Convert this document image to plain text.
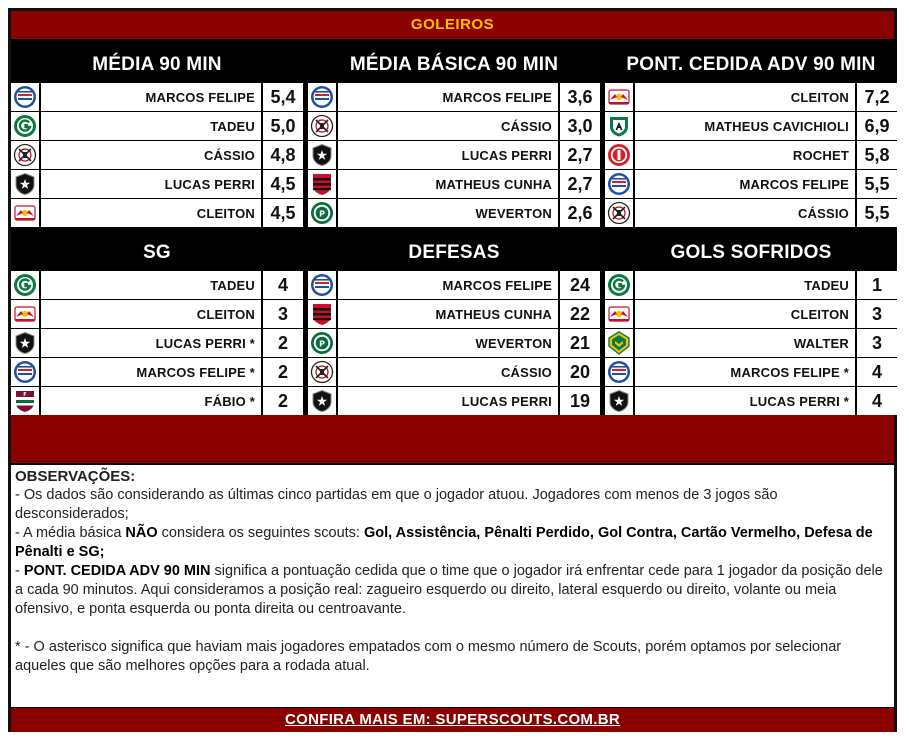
GOLEIROS
MÉDIA 90 MIN
MARCOS FELIPE 5,4
TADEU 5,0
CÁSSIO 4,8
LUCAS PERRI 4,5
CLEITON 4,5
MÉDIA BÁSICA 90 MIN
MARCOS FELIPE 3,6
CÁSSIO 3,0
LUCAS PERRI 2,7
MATHEUS CUNHA 2,7
P	WEVERTON 2,6
PONT. CEDIDA ADV 90 MIN
CLEITON 7,2
MATHEUS CAVICHIOLI 6,9
ROCHET 5,8
MARCOS FELIPE 5,5
CÁSSIO 5,5
SG
TADEU	4
CLEITON	3
LUCAS PERRI *	2
MARCOS FELIPE *	2
F	FÁBIO *	2
DEFESAS
MARCOS FELIPE 24
MATHEUS CUNHA 22
P	WEVERTON 21
CÁSSIO 20
LUCAS PERRI 19
GOLS SOFRIDOS
TADEU	1
CLEITON	3
WALTER	3
MARCOS FELIPE *	4
LUCAS PERRI *	4

OBSERVAÇÕES:

- Os dados são considerando as últimas cinco partidas em que o jogador atuou. Jogadores com menos de 3 jogos são desconsiderados;

- A média básica NÃO considera os seguintes scouts: Gol, Assistência, Pênalti Perdido, Gol Contra, Cartão Vermelho, Defesa de Pênalti e SG;

- PONT. CEDIDA ADV 90 MIN significa a pontuação cedida que o time que o jogador irá enfrentar cede para 1 jogador da posição dele a cada 90 minutos. Aqui consideramos a posição real: zagueiro esquerdo ou direito, lateral esquerdo ou direito, volante ou meia ofensivo, e ponta esquerda ou ponta direita ou centroavante.

* - O asterisco significa que haviam mais jogadores empatados com o mesmo número de Scouts, porém optamos por selecionar aqueles que são melhores opções para a rodada atual.

CONFIRA MAIS EM: SUPERSCOUTS.COM.BR
